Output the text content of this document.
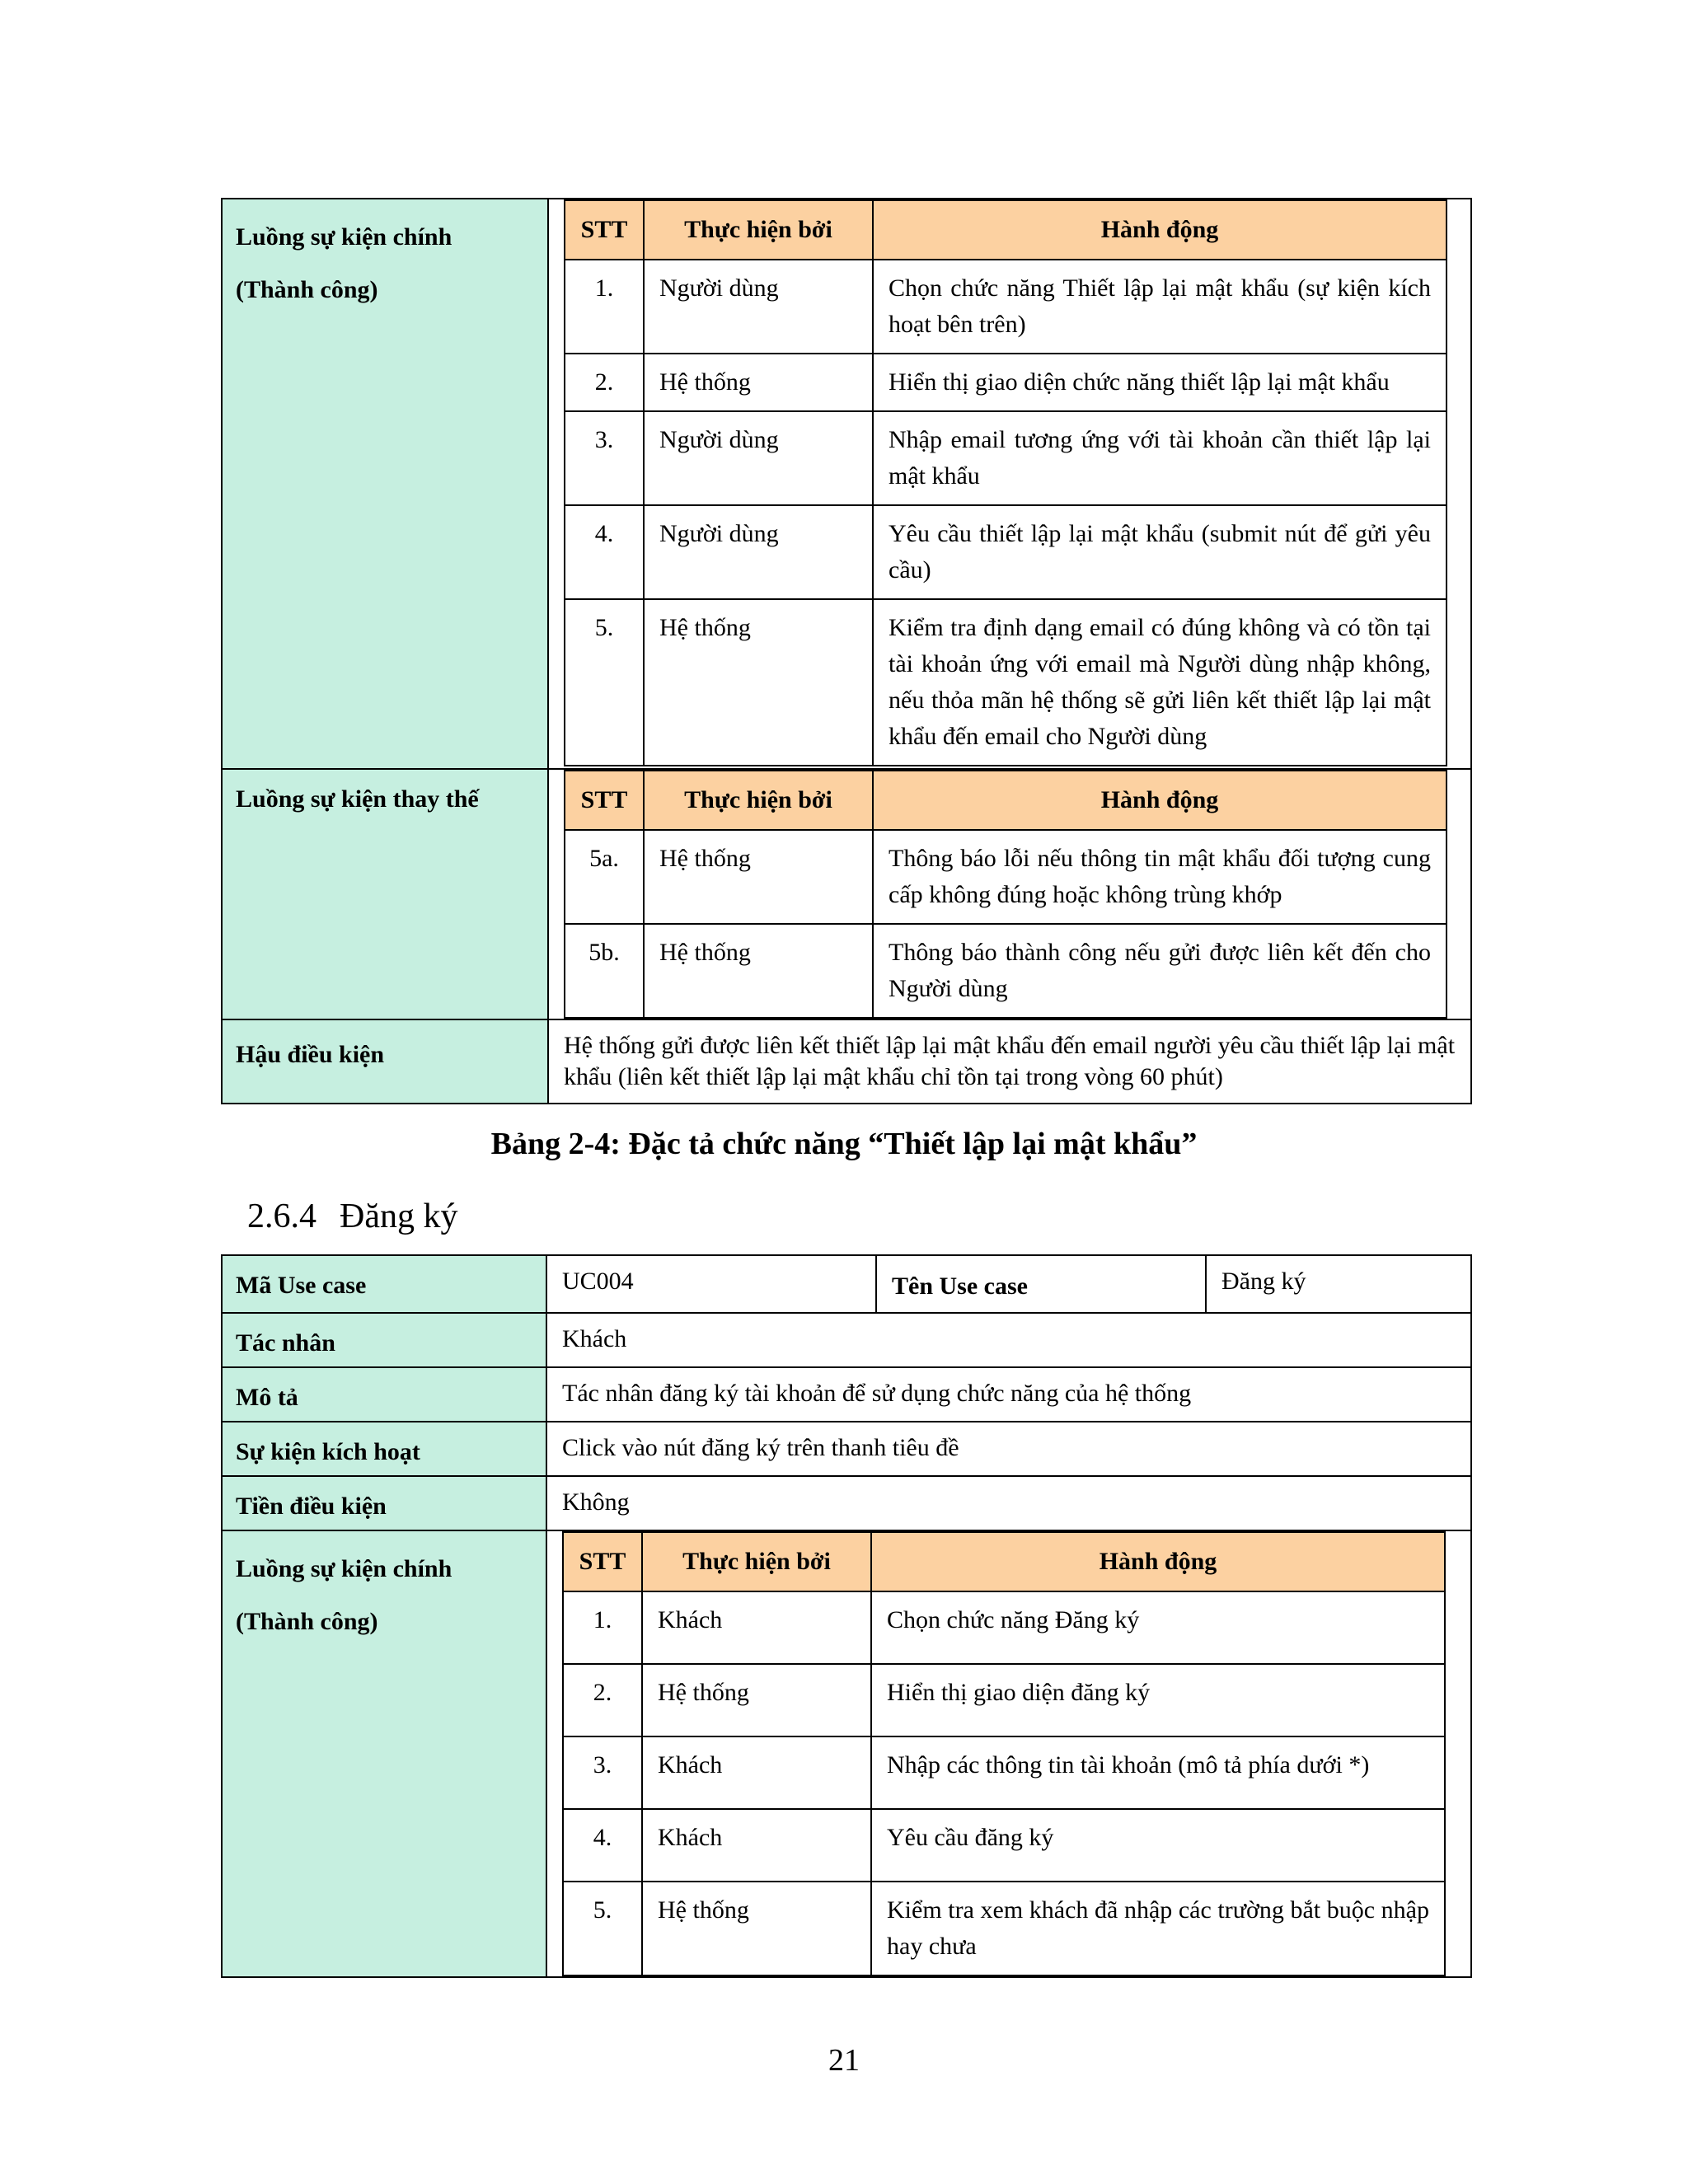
Luồng sự kiện chính
(Thành công)

STT	Thực hiện bởi	Hành động
1.	Người dùng	Chọn chức năng Thiết lập lại mật khẩu (sự kiện kích hoạt bên trên)
2.	Hệ thống	Hiển thị giao diện chức năng thiết lập lại mật khẩu
3.	Người dùng	Nhập email tương ứng với tài khoản cần thiết lập lại mật khẩu
4.	Người dùng	Yêu cầu thiết lập lại mật khẩu (submit nút để gửi yêu cầu)
5.	Hệ thống	Kiểm tra định dạng email có đúng không và có tồn tại tài khoản ứng với email mà Người dùng nhập không, nếu thỏa mãn hệ thống sẽ gửi liên kết thiết lập lại mật khẩu đến email cho Người dùng

Luồng sự kiện thay thế
		STT	Thực hiện bởi	Hành động
5a.	Hệ thống	Thông báo lỗi nếu thông tin mật khẩu đối tượng cung cấp không đúng hoặc không trùng khớp
5b.	Hệ thống	Thông báo thành công nếu gửi được liên kết đến cho Người dùng

Hậu điều kiện	Hệ thống gửi được liên kết thiết lập lại mật khẩu đến email người yêu cầu thiết lập lại mật khẩu (liên kết thiết lập lại mật khẩu chỉ tồn tại trong vòng 60 phút)
Bảng 2-4: Đặc tả chức năng “Thiết lập lại mật khẩu”
2.6.4 Đăng ký
Mã Use case	UC004	Tên Use case	Đăng ký

Tác nhân	Khách

Mô tả	Tác nhân đăng ký tài khoản để sử dụng chức năng của hệ thống

Sự kiện kích hoạt	Click vào nút đăng ký trên thanh tiêu đề

Tiền điều kiện	Không

Luồng sự kiện chính
(Thành công)

STT	Thực hiện bởi	Hành động
1.	Khách	Chọn chức năng Đăng ký
2.	Hệ thống	Hiển thị giao diện đăng ký
3.	Khách	Nhập các thông tin tài khoản (mô tả phía dưới *)
4.	Khách	Yêu cầu đăng ký
5.	Hệ thống	Kiểm tra xem khách đã nhập các trường bắt buộc nhập hay chưa
21
